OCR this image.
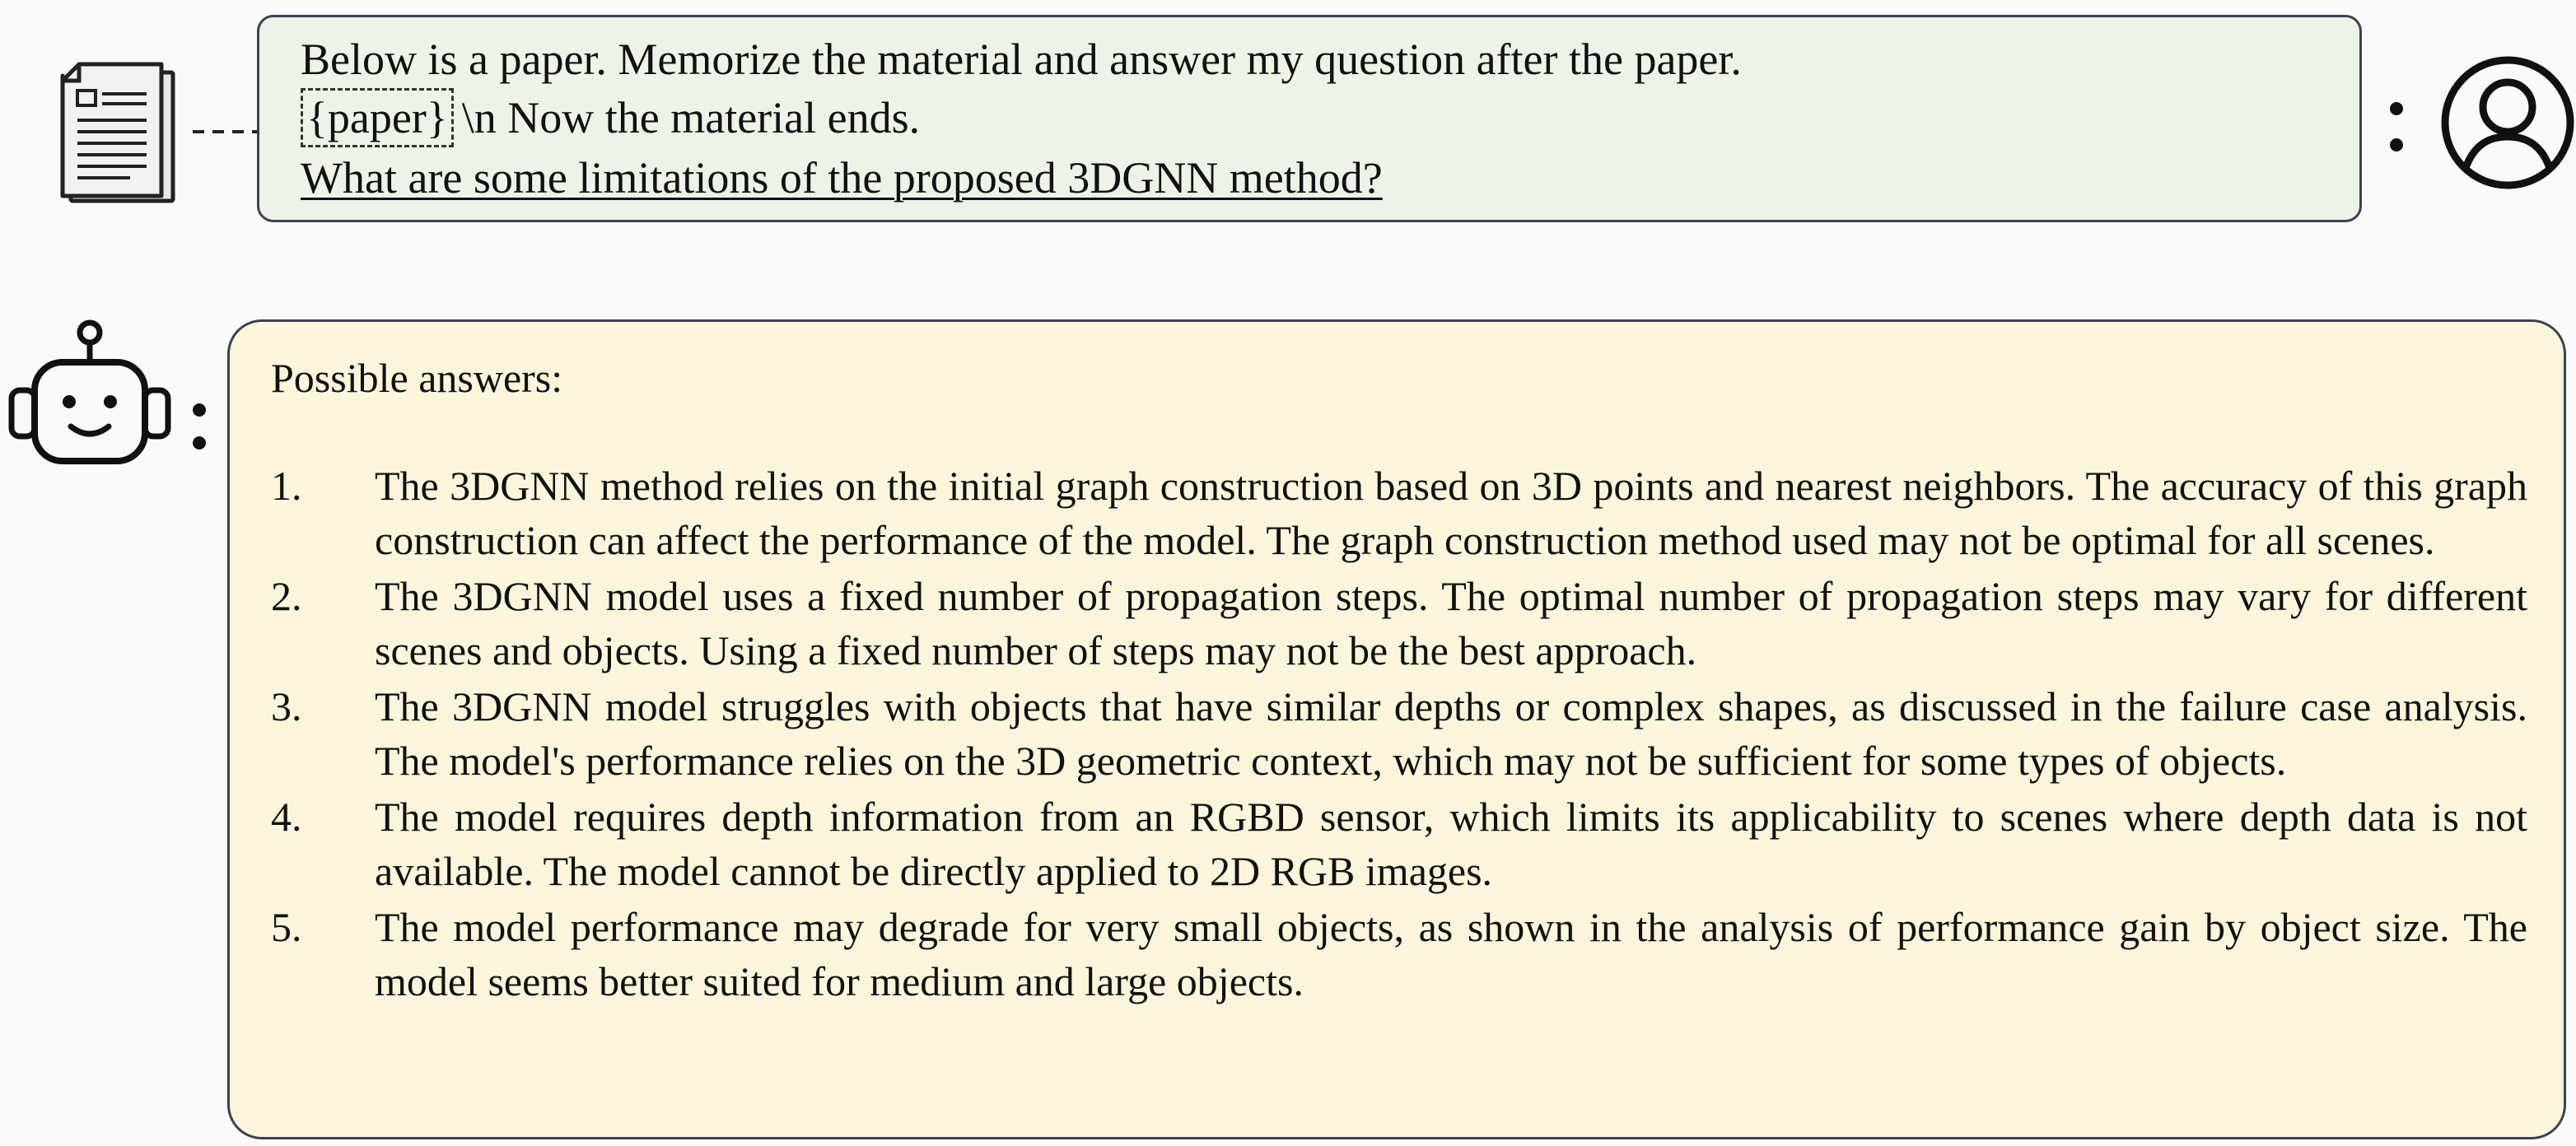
Below is a paper. Memorize the material and answer my question after the paper.
{paper} \n Now the material ends.
What are some limitations of the proposed 3DGNN method?
Possible answers:
1.	The 3DGNN method relies on the initial graph construction based on 3D points and nearest neighbors. The accuracy of this graph construction can affect the performance of the model. The graph construction method used may not be optimal for all scenes.
2.	The 3DGNN model uses a fixed number of propagation steps. The optimal number of propagation steps may vary for different scenes and objects. Using a fixed number of steps may not be the best approach.
3.	The 3DGNN model struggles with objects that have similar depths or complex shapes, as discussed in the failure case analysis. The model's performance relies on the 3D geometric context, which may not be sufficient for some types of objects.
4.	The model requires depth information from an RGBD sensor, which limits its applicability to scenes where depth data is not available. The model cannot be directly applied to 2D RGB images.
5.	The model performance may degrade for very small objects, as shown in the analysis of performance gain by object size. The model seems better suited for medium and large objects.
